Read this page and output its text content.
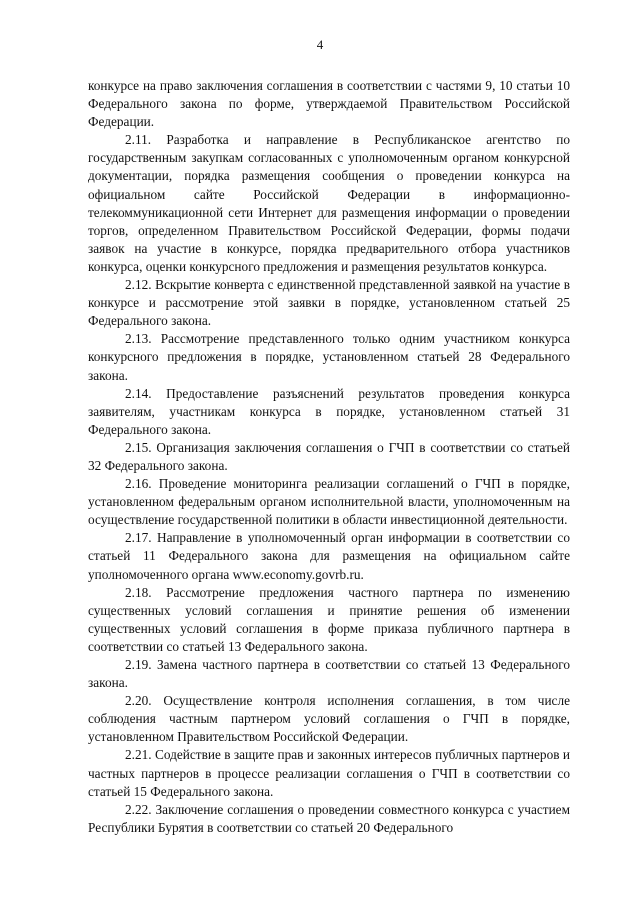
4

конкурсе на право заключения соглашения в соответствии с частями 9, 10 статьи 10 Федерального закона по форме, утверждаемой Правительством Российской Федерации.

2.11. Разработка и направление в Республиканское агентство по государственным закупкам согласованных с уполномоченным органом конкурсной документации, порядка размещения сообщения о проведении конкурса на официальном сайте Российской Федерации в информационно-телекоммуникационной сети Интернет для размещения информации о проведении торгов, определенном Правительством Российской Федерации, формы подачи заявок на участие в конкурсе, порядка предварительного отбора участников конкурса, оценки конкурсного предложения и размещения результатов конкурса.

2.12. Вскрытие конверта с единственной представленной заявкой на участие в конкурсе и рассмотрение этой заявки в порядке, установленном статьей 25 Федерального закона.

2.13. Рассмотрение представленного только одним участником конкурса конкурсного предложения в порядке, установленном статьей 28 Федерального закона.

2.14. Предоставление разъяснений результатов проведения конкурса заявителям, участникам конкурса в порядке, установленном статьей 31 Федерального закона.

2.15. Организация заключения соглашения о ГЧП в соответствии со статьей 32 Федерального закона.

2.16. Проведение мониторинга реализации соглашений о ГЧП в порядке, установленном федеральным органом исполнительной власти, уполномоченным на осуществление государственной политики в области инвестиционной деятельности.

2.17. Направление в уполномоченный орган информации в соответствии со статьей 11 Федерального закона для размещения на официальном сайте уполномоченного органа www.economy.govrb.ru.

2.18. Рассмотрение предложения частного партнера по изменению существенных условий соглашения и принятие решения об изменении существенных условий соглашения в форме приказа публичного партнера в соответствии со статьей 13 Федерального закона.

2.19. Замена частного партнера в соответствии со статьей 13 Федерального закона.

2.20. Осуществление контроля исполнения соглашения, в том числе соблюдения частным партнером условий соглашения о ГЧП в порядке, установленном Правительством Российской Федерации.

2.21. Содействие в защите прав и законных интересов публичных партнеров и частных партнеров в процессе реализации соглашения о ГЧП в соответствии со статьей 15 Федерального закона.

2.22. Заключение соглашения о проведении совместного конкурса с участием Республики Бурятия в соответствии со статьей 20 Федерального
